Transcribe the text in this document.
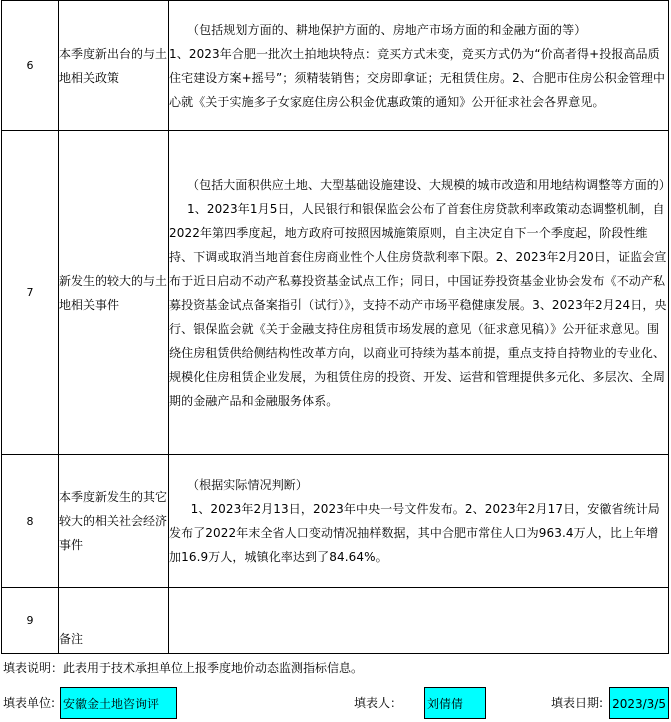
6	本季度新出台的与土地相关政策	（包括规划方面的、耕地保护方面的、房地产市场方面的和金融方面的等）

1、2023年合肥一批次土拍地块特点：竞买方式未变，竞买方式仍为“价高者得+投报高品质住宅建设方案+摇号”；须精装销售；交房即拿证；无租赁住房。2、合肥市住房公积金管理中心就《关于实施多子女家庭住房公积金优惠政策的通知》公开征求社会各界意见。

7	新发生的较大的与土地相关事件	（包括大面积供应土地、大型基础设施建设、大规模的城市改造和用地结构调整等方面的）

1、2023年1月5日，人民银行和银保监会公布了首套住房贷款利率政策动态调整机制，自2022年第四季度起，地方政府可按照因城施策原则，自主决定自下一个季度起，阶段性维持、下调或取消当地首套住房商业性个人住房贷款利率下限。2、2023年2月20日，证监会宣布于近日启动不动产私募投资基金试点工作；同日，中国证券投资基金业协会发布《不动产私募投资基金试点备案指引（试行）》，支持不动产市场平稳健康发展。3、2023年2月24日，央行、银保监会就《关于金融支持住房租赁市场发展的意见（征求意见稿）》公开征求意见。围绕住房租赁供给侧结构性改革方向，以商业可持续为基本前提，重点支持自持物业的专业化、规模化住房租赁企业发展，为租赁住房的投资、开发、运营和管理提供多元化、多层次、全周期的金融产品和金融服务体系。

8	本季度新发生的其它较大的相关社会经济事件	（根据实际情况判断）

1、2023年2月13日，2023年中央一号文件发布。2、2023年2月17日，安徽省统计局发布了2022年末全省人口变动情况抽样数据，其中合肥市常住人口为963.4万人，比上年增加16.9万人，城镇化率达到了84.64%。

9	备注	

填表说明：此表用于技术承担单位上报季度地价动态监测指标信息。
填表单位: 安徽金土地咨询评	填表人： 刘倩倩	填表日期: 2023/3/5
